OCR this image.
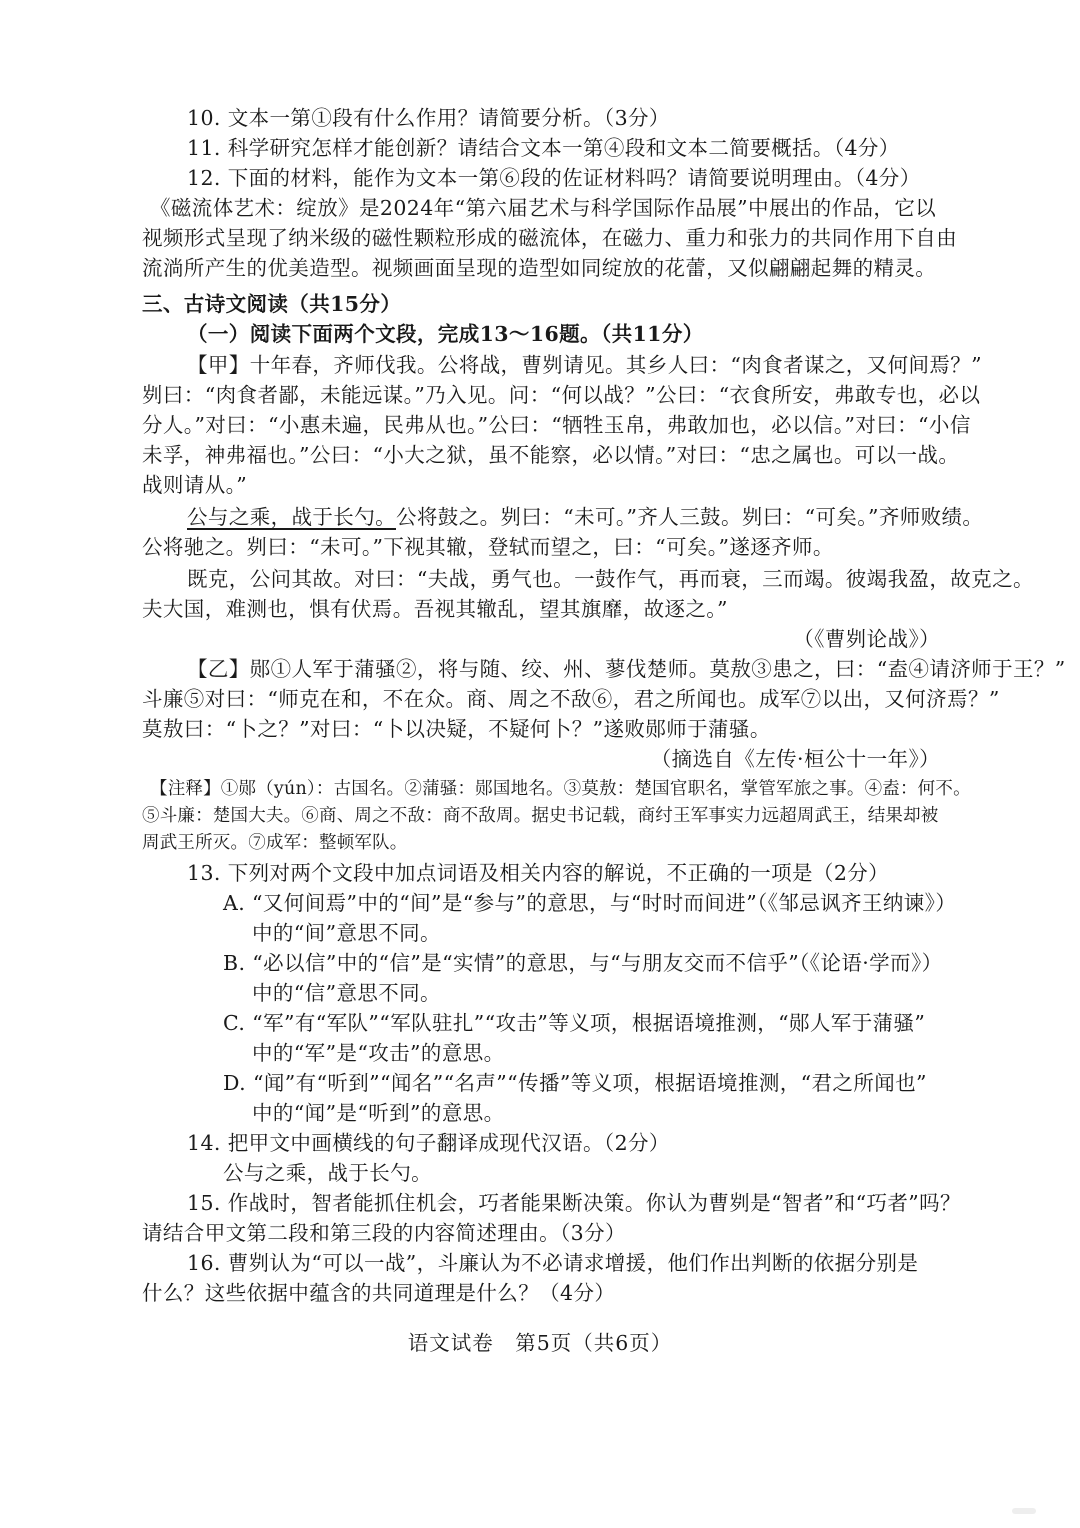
10. 文本一第①段有什么作用？请简要分析。（3分）
11. 科学研究怎样才能创新？请结合文本一第④段和文本二简要概括。（4分）
12. 下面的材料，能作为文本一第⑥段的佐证材料吗？请简要说明理由。（4分）
《磁流体艺术：绽放》是2024年“第六届艺术与科学国际作品展”中展出的作品，它以
视频形式呈现了纳米级的磁性颗粒形成的磁流体，在磁力、重力和张力的共同作用下自由
流淌所产生的优美造型。视频画面呈现的造型如同绽放的花蕾，又似翩翩起舞的精灵。
三、古诗文阅读（共15分）
（一）阅读下面两个文段，完成13～16题。（共11分）
【甲】十年春，齐师伐我。公将战，曹刿请见。其乡人曰：“肉食者谋之，又何间焉？”
刿曰：“肉食者鄙，未能远谋。”乃入见。问：“何以战？”公曰：“衣食所安，弗敢专也，必以
分人。”对曰：“小惠未遍，民弗从也。”公曰：“牺牲玉帛，弗敢加也，必以信。”对曰：“小信
未孚，神弗福也。”公曰：“小大之狱，虽不能察，必以情。”对曰：“忠之属也。可以一战。
战则请从。”
公与之乘，战于长勺。公将鼓之。刿曰：“未可。”齐人三鼓。刿曰：“可矣。”齐师败绩。
公将驰之。刿曰：“未可。”下视其辙，登轼而望之，曰：“可矣。”遂逐齐师。
既克，公问其故。对曰：“夫战，勇气也。一鼓作气，再而衰，三而竭。彼竭我盈，故克之。
夫大国，难测也，惧有伏焉。吾视其辙乱，望其旗靡，故逐之。”
（《曹刿论战》）
【乙】郧①人军于蒲骚②，将与随、绞、州、蓼伐楚师。莫敖③患之，曰：“盍④请济师于王？”
斗廉⑤对曰：“师克在和，不在众。商、周之不敌⑥，君之所闻也。成军⑦以出，又何济焉？”
莫敖曰：“卜之？”对曰：“卜以决疑，不疑何卜？”遂败郧师于蒲骚。
（摘选自《左传·桓公十一年》）
【注释】①郧（yún）：古国名。②蒲骚：郧国地名。③莫敖：楚国官职名，掌管军旅之事。④盍：何不。
⑤斗廉：楚国大夫。⑥商、周之不敌：商不敌周。据史书记载，商纣王军事实力远超周武王，结果却被
周武王所灭。⑦成军：整顿军队。
13. 下列对两个文段中加点词语及相关内容的解说，不正确的一项是（2分）
A. “又何间焉”中的“间”是“参与”的意思，与“时时而间进”（《邹忌讽齐王纳谏》）
中的“间”意思不同。
B. “必以信”中的“信”是“实情”的意思，与“与朋友交而不信乎”（《论语·学而》）
中的“信”意思不同。
C. “军”有“军队”“军队驻扎”“攻击”等义项，根据语境推测，“郧人军于蒲骚”
中的“军”是“攻击”的意思。
D. “闻”有“听到”“闻名”“名声”“传播”等义项，根据语境推测，“君之所闻也”
中的“闻”是“听到”的意思。
14. 把甲文中画横线的句子翻译成现代汉语。（2分）
公与之乘，战于长勺。
15. 作战时，智者能抓住机会，巧者能果断决策。你认为曹刿是“智者”和“巧者”吗？
请结合甲文第二段和第三段的内容简述理由。（3分）
16. 曹刿认为“可以一战”，斗廉认为不必请求增援，他们作出判断的依据分别是
什么？这些依据中蕴含的共同道理是什么？（4分）
语文试卷　第5页（共6页）
